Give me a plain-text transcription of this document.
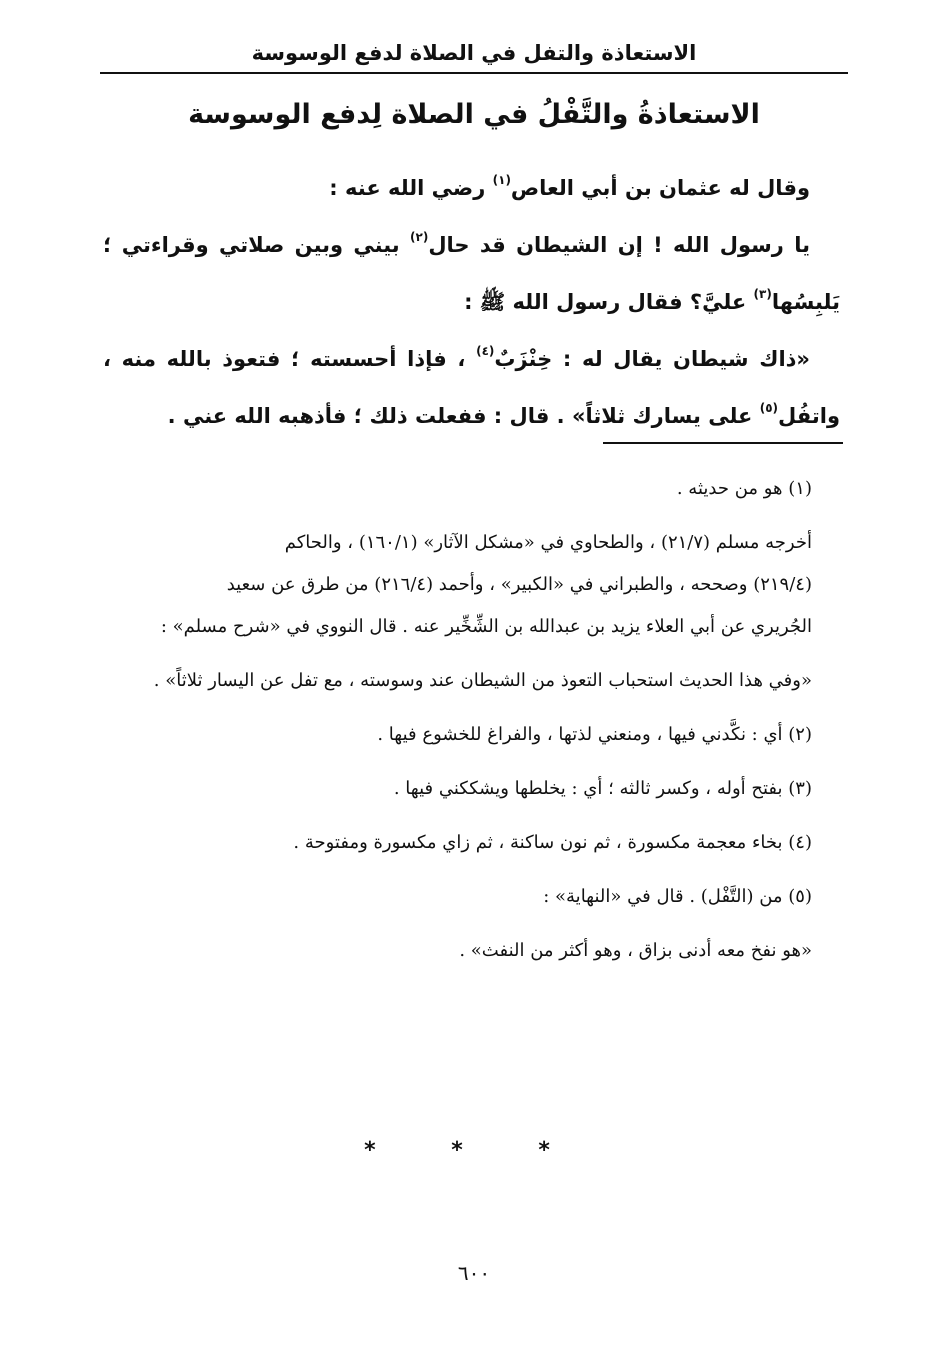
الاستعاذة والتفل في الصلاة لدفع الوسوسة
الاستعاذةُ والتَّفْلُ في الصلاة لِدفع الوسوسة

وقال له عثمان بن أبي العاص$^{(١)}$ رضي الله عنه :

يا رسول الله ! إن الشيطان قد حال$^{(٢)}$ بيني وبين صلاتي وقراءتي ؛ يَلبِسُها$^{(٣)}$ عليَّ؟ فقال رسول الله ﷺ :

«ذاك شيطان يقال له : خِنْزَبٌ$^{(٤)}$ ، فإذا أحسسته ؛ فتعوذ بالله منه ، واتفُل$^{(٥)}$ على يسارك ثلاثاً» . قال : ففعلت ذلك ؛ فأذهبه الله عني .

(١) هو من حديثه .

أخرجه مسلم (٢١/٧) ، والطحاوي في «مشكل الآثار» (١٦٠/١) ، والحاكم
(٢١٩/٤) وصححه ، والطبراني في «الكبير» ، وأحمد (٢١٦/٤) من طرق عن سعيد
الجُريري عن أبي العلاء يزيد بن عبدالله بن الشِّخِّير عنه . قال النووي في «شرح مسلم» :

«وفي هذا الحديث استحباب التعوذ من الشيطان عند وسوسته ، مع تفل عن اليسار ثلاثاً» .

(٢) أي : نكَّدني فيها ، ومنعني لذتها ، والفراغ للخشوع فيها .

(٣) بفتح أوله ، وكسر ثالثه ؛ أي : يخلطها ويشككني فيها .

(٤) بخاء معجمة مكسورة ، ثم نون ساكنة ، ثم زاي مكسورة ومفتوحة .

(٥) من (التَّفْل) . قال في «النهاية» :

«هو نفخ معه أدنى بزاق ، وهو أكثر من النفث» .

* * *
٦٠٠
